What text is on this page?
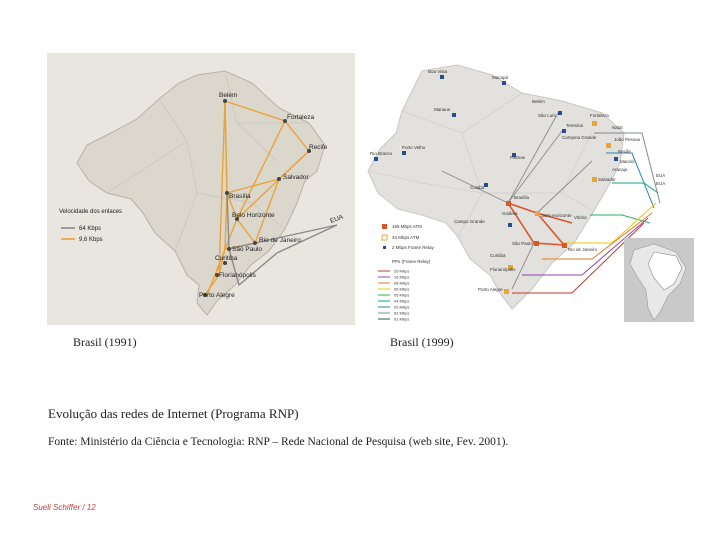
Belém
Fortaleza
Recife
Salvador
Brasília
Belo Horizonte
Rio de Janeiro
São Paulo
Curitiba
Florianópolis
Porto Alegre
EUA
Velocidade dos enlaces
64 Kbps
9,6 Kbps
Boa Vista
Macapá
Belém
Manaus
São Luís
Teresina
Fortaleza
Natal
Campina Grande	João Pessoa
Recife
Maceió
Aracaju
Salvador
Palmas
Porto Velho
Rio Branco
Cuiabá
Brasília
Goiânia	Belo Horizonte Vitória
Campo Grande
São Paulo
Rio de Janeiro
Curitiba
Florianópolis
Porto Alegre
EUA
EUA
155 Mbps ATM
34 Mbps ATM
2 Mbps Frame Relay
PPs (Frame Relay)
20 Mbps
16 Mbps
08 Mbps
06 Mbps
05 Mbps
04 Mbps
03 Mbps
02 Mbps
01 Mbps
Brasil (1991)	Brasil (1999)
Evolução das redes de Internet (Programa RNP)
Fonte: Ministério da Ciência e Tecnologia: RNP – Rede Nacional de Pesquisa (web site, Fev. 2001).
Sueli Schiffer / 12
